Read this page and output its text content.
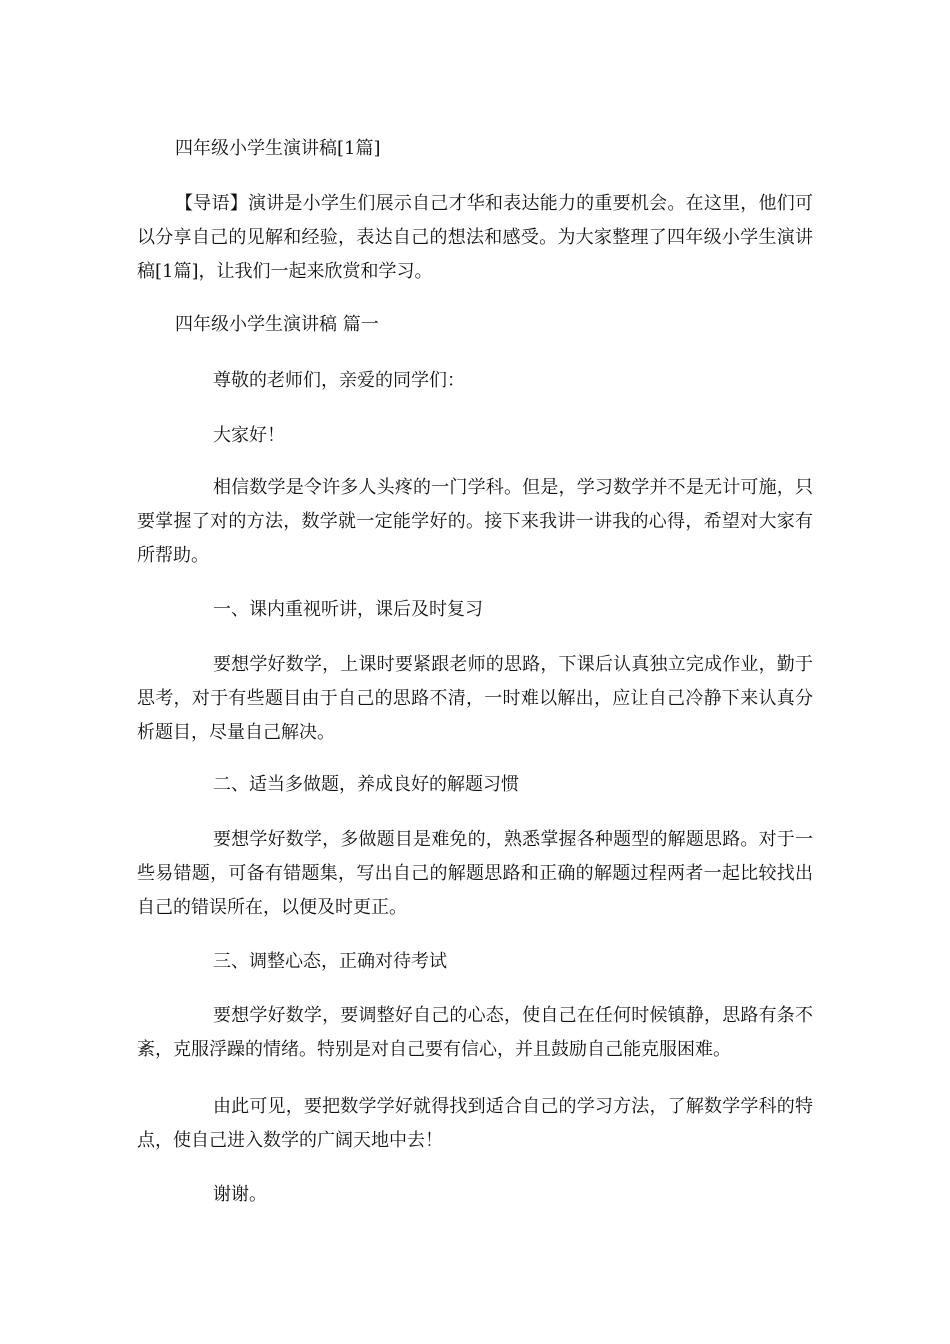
四年级小学生演讲稿[1篇]

【导语】演讲是小学生们展示自己才华和表达能力的重要机会。在这里，他们可以分享自己的见解和经验，表达自己的想法和感受。为大家整理了四年级小学生演讲稿[1篇]，让我们一起来欣赏和学习。

四年级小学生演讲稿 篇一

尊敬的老师们，亲爱的同学们：

大家好！

相信数学是令许多人头疼的一门学科。但是，学习数学并不是无计可施，只要掌握了对的方法，数学就一定能学好的。接下来我讲一讲我的心得，希望对大家有所帮助。

一、课内重视听讲，课后及时复习

要想学好数学，上课时要紧跟老师的思路，下课后认真独立完成作业，勤于思考，对于有些题目由于自己的思路不清，一时难以解出，应让自己冷静下来认真分析题目，尽量自己解决。

二、适当多做题，养成良好的解题习惯

要想学好数学，多做题目是难免的，熟悉掌握各种题型的解题思路。对于一些易错题，可备有错题集，写出自己的解题思路和正确的解题过程两者一起比较找出自己的错误所在，以便及时更正。

三、调整心态，正确对待考试

要想学好数学，要调整好自己的心态，使自己在任何时候镇静，思路有条不紊，克服浮躁的情绪。特别是对自己要有信心，并且鼓励自己能克服困难。

由此可见，要把数学学好就得找到适合自己的学习方法，了解数学学科的特点，使自己进入数学的广阔天地中去！

谢谢。
